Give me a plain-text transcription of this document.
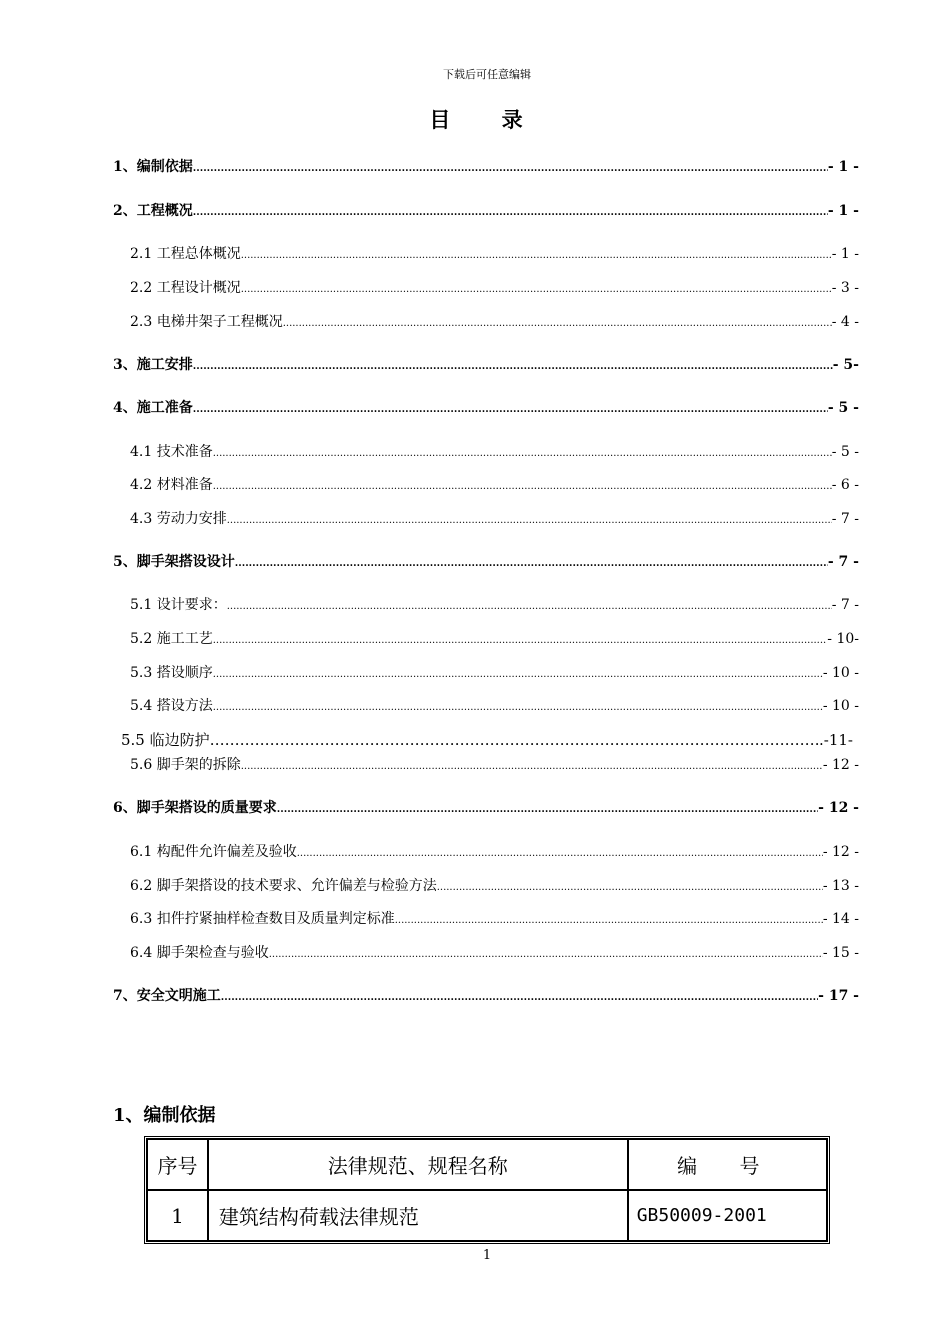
下载后可任意编辑
目 录
1、编制依据 .....	- 1 -
2、工程概况 .....	- 1 -
2.1 工程总体概况 .....	- 1 -
2.2 工程设计概况 .....	- 3 -
2.3 电梯井架子工程概况 .....	- 4 -
3、施工安排 .....	- 5-
4、施工准备 .....	- 5 -
4.1 技术准备 .....	- 5 -
4.2 材料准备 .....	- 6 -
4.3 劳动力安排 .....	- 7 -
5、脚手架搭设设计 .....	- 7 -
5.1 设计要求： .....	- 7 -
5.2 施工工艺 .....	- 10-
5.3 搭设顺序 .....	- 10 -
5.4 搭设方法 .....	- 10 -
5.5 临边防护 ……………………………………………………………………………………………………………………………… ……	.-11-
5.6 脚手架的拆除 .....	- 12 -
6、脚手架搭设的质量要求 .....	- 12 -
6.1 构配件允许偏差及验收 .....	- 12 -
6.2 脚手架搭设的技术要求、允许偏差与检验方法 .....	- 13 -
6.3 扣件拧紧抽样检查数目及质量判定标准 .....	- 14 -
6.4 脚手架检查与验收 .....	- 15 -
7、安全文明施工 .....	- 17 -
1、编制依据
序号	法律规范、规程名称	编 号
1	建筑结构荷载法律规范	GB50009-2001
1
